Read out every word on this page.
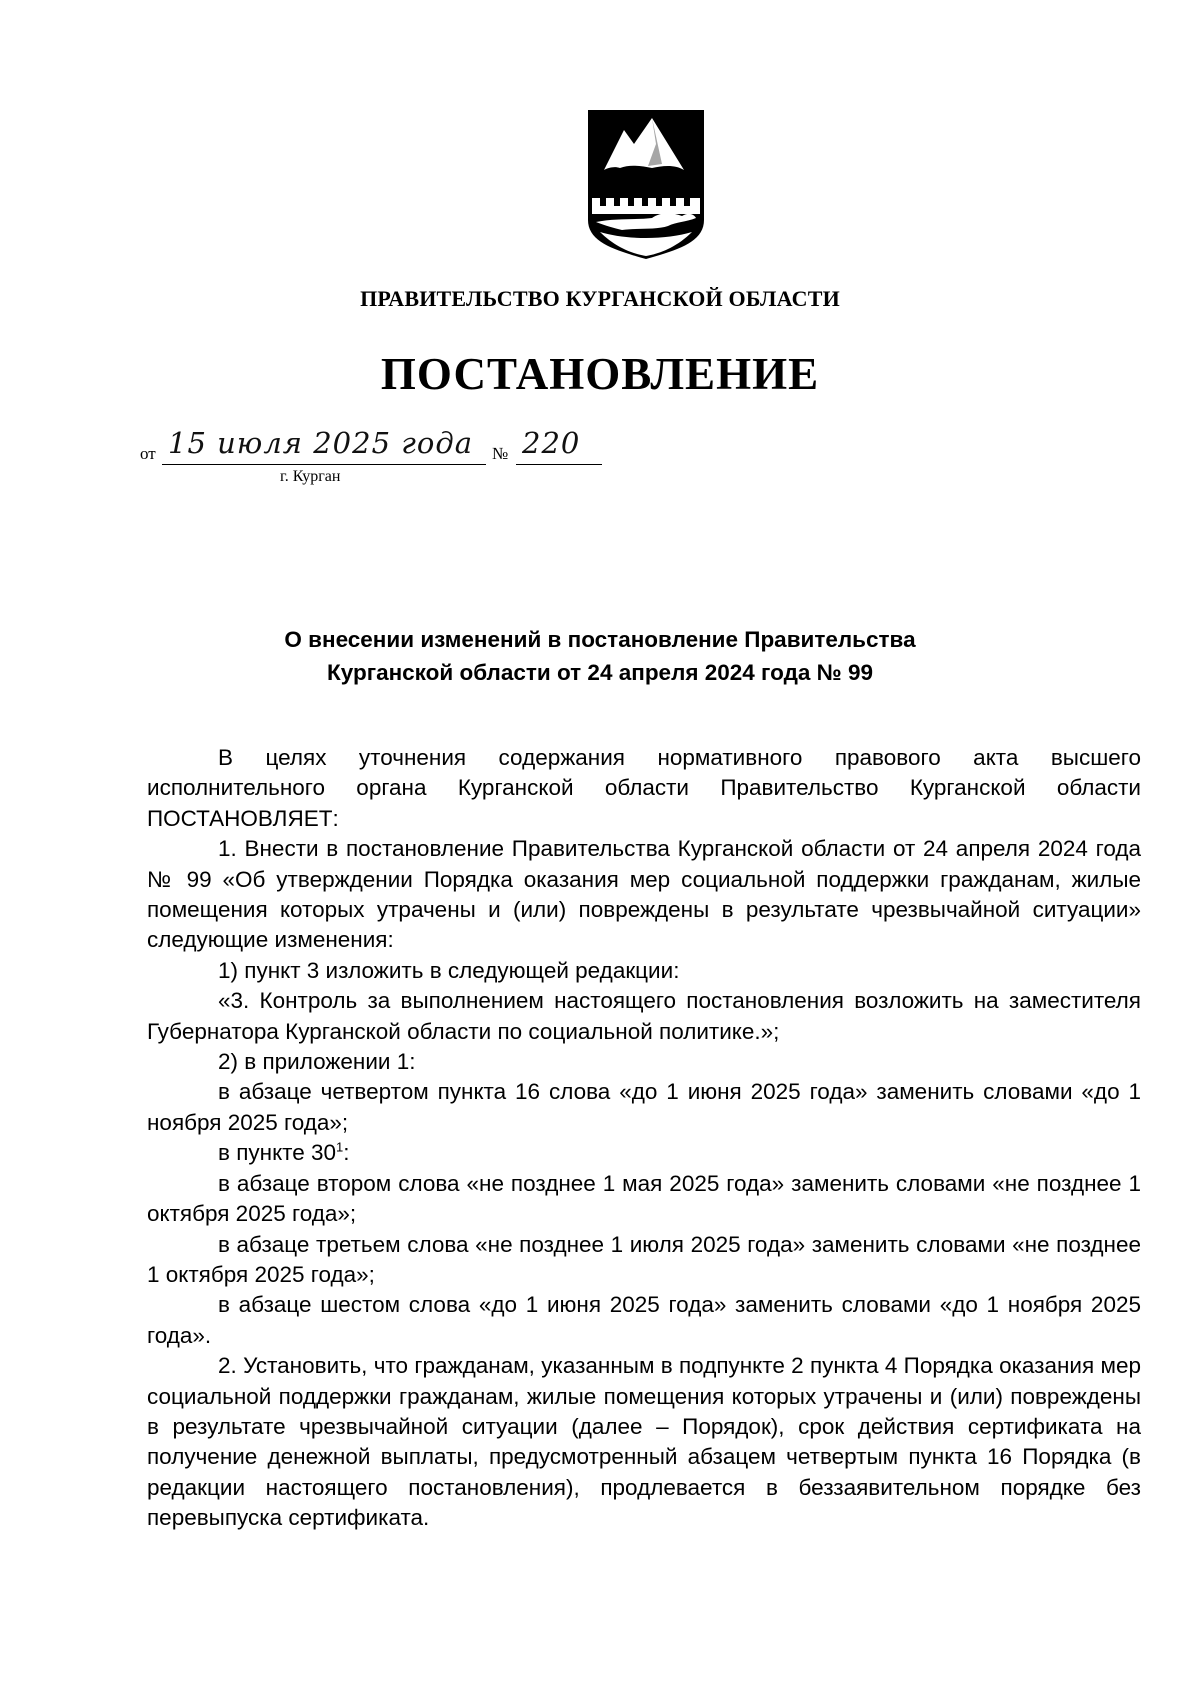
ПРАВИТЕЛЬСТВО КУРГАНСКОЙ ОБЛАСТИ
ПОСТАНОВЛЕНИЕ
от 15 июля 2025 года № 220
г. Курган
О внесении изменений в постановление Правительства
Курганской области от 24 апреля 2024 года № 99

В целях уточнения содержания нормативного правового акта высшего исполнительного органа Курганской области Правительство Курганской области ПОСТАНОВЛЯЕТ:

1. Внести в постановление Правительства Курганской области от 24 апреля 2024 года № 99 «Об утверждении Порядка оказания мер социальной поддержки гражданам, жилые помещения которых утрачены и (или) повреждены в результате чрезвычайной ситуации» следующие изменения:

1) пункт 3 изложить в следующей редакции:

«3. Контроль за выполнением настоящего постановления возложить на заместителя Губернатора Курганской области по социальной политике.»;

2) в приложении 1:

в абзаце четвертом пункта 16 слова «до 1 июня 2025 года» заменить словами «до 1 ноября 2025 года»;

в пункте $30^1$:

в абзаце втором слова «не позднее 1 мая 2025 года» заменить словами «не позднее 1 октября 2025 года»;

в абзаце третьем слова «не позднее 1 июля 2025 года» заменить словами «не позднее 1 октября 2025 года»;

в абзаце шестом слова «до 1 июня 2025 года» заменить словами «до 1 ноября 2025 года».

2. Установить, что гражданам, указанным в подпункте 2 пункта 4 Порядка оказания мер социальной поддержки гражданам, жилые помещения которых утрачены и (или) повреждены в результате чрезвычайной ситуации (далее – Порядок), срок действия сертификата на получение денежной выплаты, предусмотренный абзацем четвертым пункта 16 Порядка (в редакции настоящего постановления), продлевается в беззаявительном порядке без перевыпуска сертификата.
